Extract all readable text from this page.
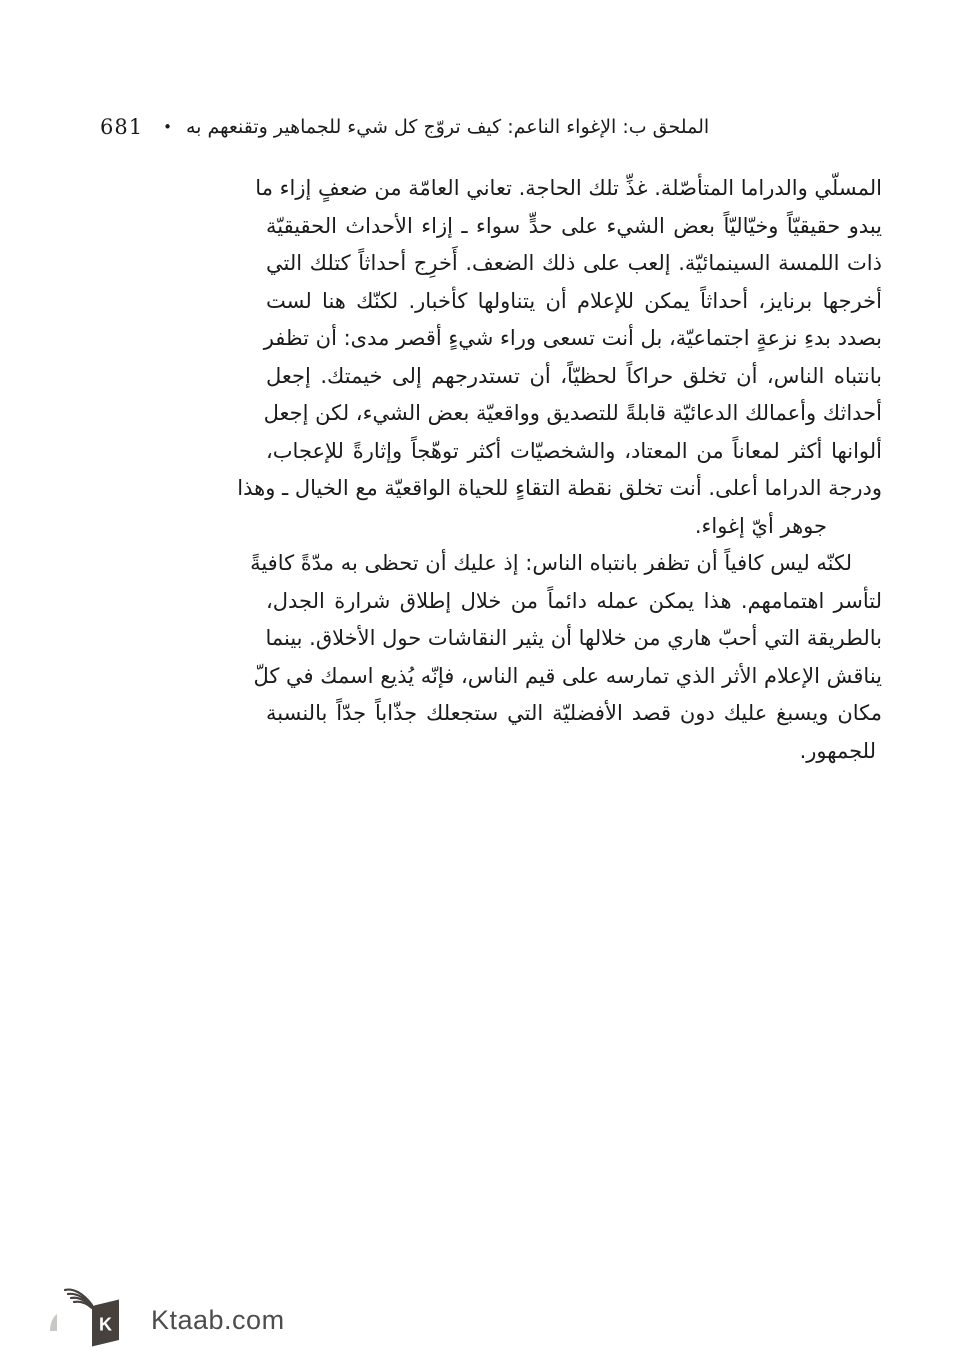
681 • الملحق ب: الإغواء الناعم: كيف تروّج كل شيء للجماهير وتقنعهم به
المسلّي والدراما المتأصّلة. غذِّ تلك الحاجة. تعاني العامّة من ضعفٍ إزاء ما
يبدو حقيقيّاً وخيّاليّاً بعض الشيء على حدٍّ سواء ـ إزاء الأحداث الحقيقيّة
ذات اللمسة السينمائيّة. إلعب على ذلك الضعف. أَخرِج أحداثاً كتلك التي
أخرجها برنايز، أحداثاً يمكن للإعلام أن يتناولها كأخبار. لكنّك هنا لست
بصدد بدءِ نزعةٍ اجتماعيّة، بل أنت تسعى وراء شيءٍ أقصر مدى: أن تظفر
بانتباه الناس، أن تخلق حراكاً لحظيّاً، أن تستدرجهم إلى خيمتك. إجعل
أحداثك وأعمالك الدعائيّة قابلةً للتصديق وواقعيّة بعض الشيء، لكن إجعل
ألوانها أكثر لمعاناً من المعتاد، والشخصيّات أكثر توهّجاً وإثارةً للإعجاب،
ودرجة الدراما أعلى. أنت تخلق نقطة التقاءٍ للحياة الواقعيّة مع الخيال ـ وهذا
جوهر أيّ إغواء.
لكنّه ليس كافياً أن تظفر بانتباه الناس: إذ عليك أن تحظى به مدّةً كافيةً
لتأسر اهتمامهم. هذا يمكن عمله دائماً من خلال إطلاق شرارة الجدل،
بالطريقة التي أحبّ هاري من خلالها أن يثير النقاشات حول الأخلاق. بينما
يناقش الإعلام الأثر الذي تمارسه على قيم الناس، فإنّه يُذيع اسمك في كلّ
مكان ويسبغ عليك دون قصد الأفضليّة التي ستجعلك جذّاباً جدّاً بالنسبة
للجمهور.
K Ktaab.com
